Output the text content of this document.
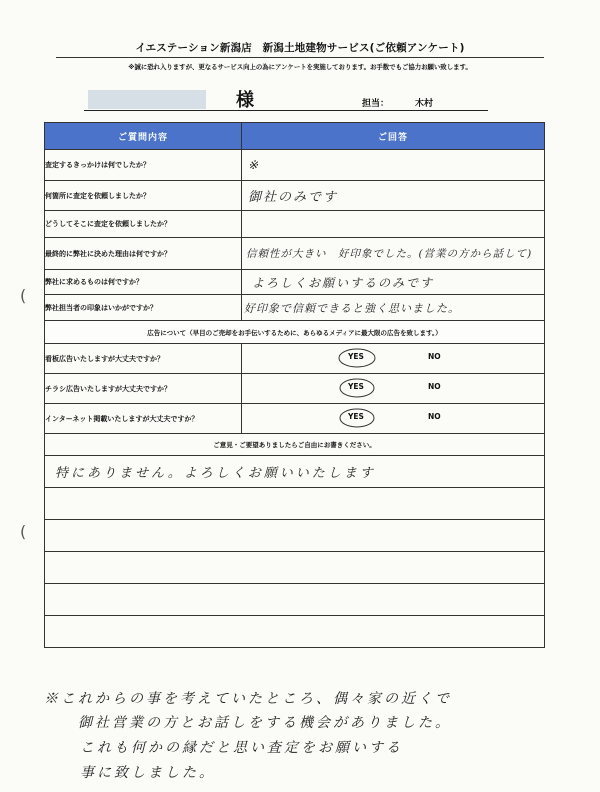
イエステーション新潟店　新潟土地建物サービス(ご依頼アンケート)
※誠に恐れ入りますが、更なるサービス向上の為にアンケートを実施しております。お手数でもご協力お願い致します。
様	担当：	木村
(
(
ご質問内容	ご回答
査定するきっかけは何でしたか？	※
何箇所に査定を依頼しましたか？	御社のみです
どうしてそこに査定を依頼しましたか？	
最終的に弊社に決めた理由は何ですか？	信頼性が大きい　好印象でした。(営業の方から話して)
弊社に求めるものは何ですか？	よろしくお願いするのみです
弊社担当者の印象はいかがですか？	好印象で信頼できると強く思いました。
広告について（早目のご売却をお手伝いするために、あらゆるメディアに最大限の広告を致します。）	
看板広告いたしますが大丈夫ですか？	YES NO

チラシ広告いたしますが大丈夫ですか？	YES NO

インターネット掲載いたしますが大丈夫ですか？	YES NO

ご意見・ご要望ありましたらご自由にお書きください。	
特にありません。よろしくお願いいたします	

※これからの事を考えていたところ、偶々家の近くで
御社営業の方とお話しをする機会がありました。
これも何かの縁だと思い査定をお願いする
事に致しました。
